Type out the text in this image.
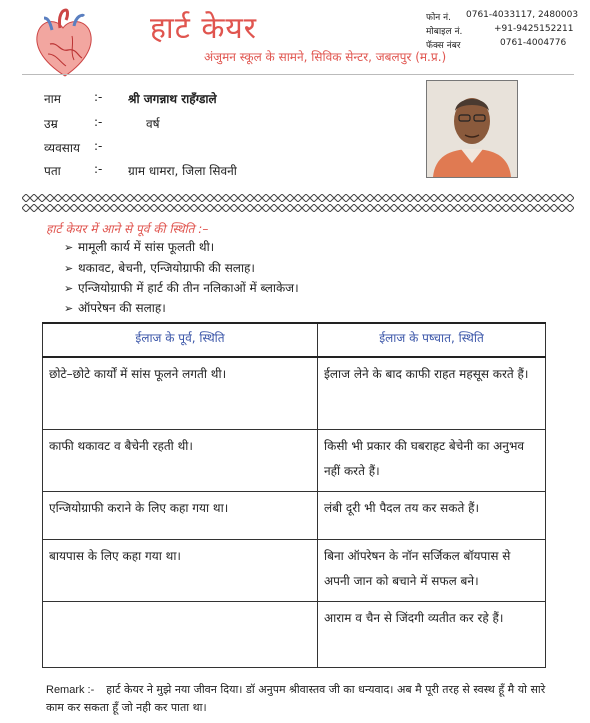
हार्ट केयर
अंजुमन स्कूल के सामने, सिविक सेन्टर, जबलपुर (म.प्र.)
फोन नं. 0761-4033117, 2480003
मोबाइल नं.	+91-9425152211
फॅक्स नंबर	0761-4004776
नाम	:- श्री जगन्नाथ राहँग्डाले
उम्र	:-	वर्ष
व्यवसाय :-
पता	:- ग्राम धामरा, जिला सिवनी
हार्ट केयर में आने से पूर्व की स्थिति :–
➢ मामूली कार्य में सांस फूलती थी।
➢ थकावट, बेचनी, एन्जियोग्राफी की सलाह।
➢ एन्जियोग्राफी में हार्ट की तीन नलिकाओं में ब्लाकेज।
➢ ऑपरेषन की सलाह।
ईलाज के पूर्व, स्थिति	ईलाज के पष्चात, स्थिति
छोटे–छोटे कार्यों में सांस फूलने लगती थी।	ईलाज लेने के बाद काफी राहत महसूस करते हैं।
काफी थकावट व बैचेनी रहती थी।	किसी भी प्रकार की घबराहट बेचेनी का अनुभव नहीं करते हैं।
एन्जियोग्राफी कराने के लिए कहा गया था।	लंबी दूरी भी पैदल तय कर सकते हैं।
बायपास के लिए कहा गया था।	बिना ऑपरेषन के नॉन सर्जिकल बॉयपास से अपनी जान को बचाने में सफल बने।
	आराम व चैन से जिंदगी व्यतीत कर रहे हैं।
Remark :- हार्ट केयर ने मुझे नया जीवन दिया। डॉ अनुपम श्रीवास्तव जी का धन्यवाद। अब मै पूरी तरह से स्वस्थ हूँ मै यो सारे काम कर सकता हूँ जो नही कर पाता था।
